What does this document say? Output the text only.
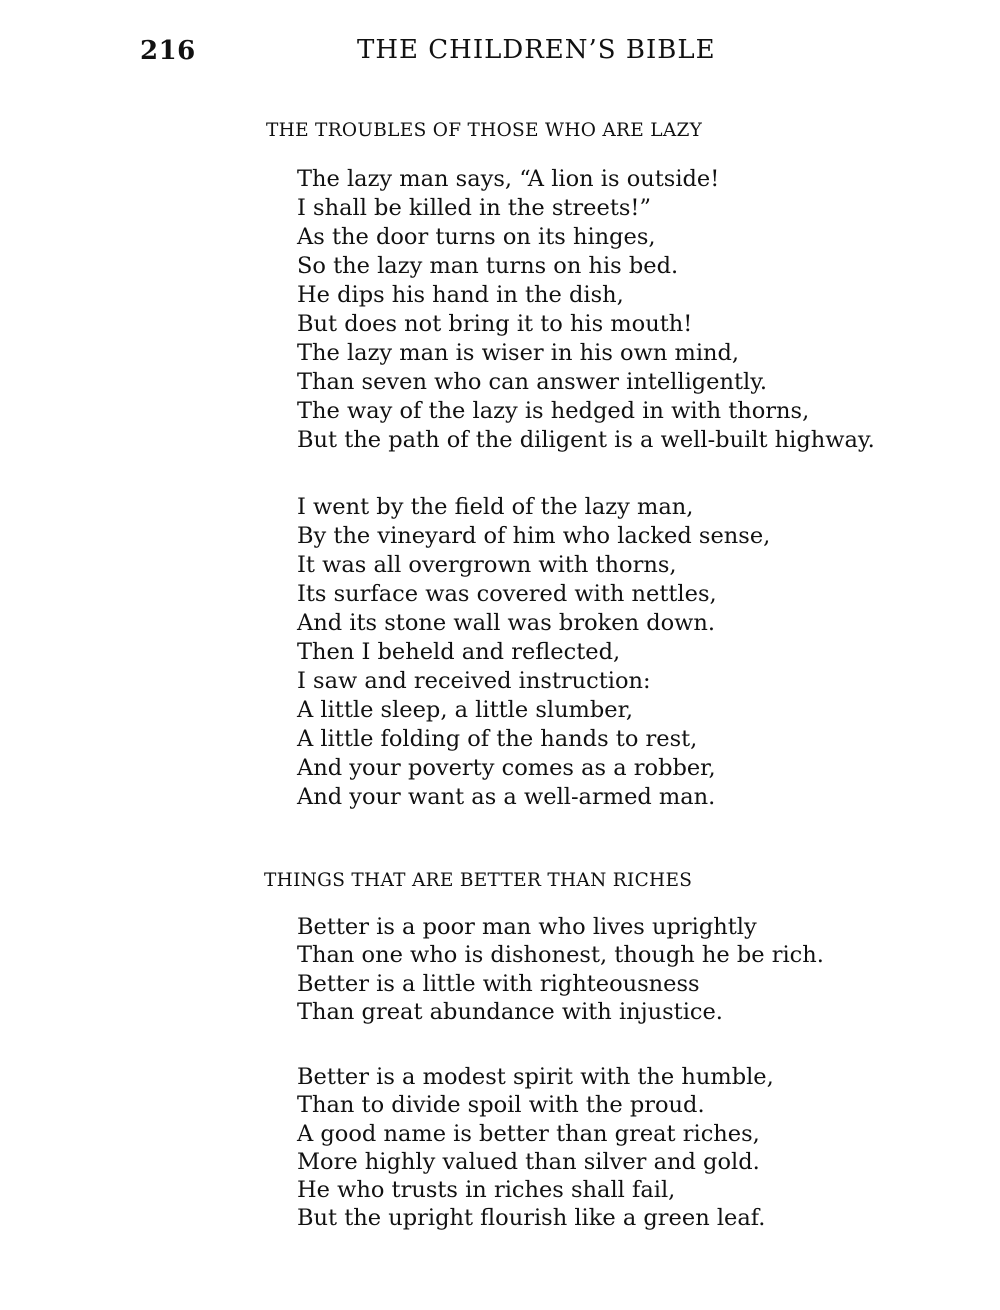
216	THE CHILDREN’S BIBLE
THE TROUBLES OF THOSE WHO ARE LAZY
The lazy man says, “A lion is outside!
I shall be killed in the streets!”
As the door turns on its hinges,
So the lazy man turns on his bed.
He dips his hand in the dish,
But does not bring it to his mouth!
The lazy man is wiser in his own mind,
Than seven who can answer intelligently.
The way of the lazy is hedged in with thorns,
But the path of the diligent is a well-built highway.
I went by the field of the lazy man,
By the vineyard of him who lacked sense,
It was all overgrown with thorns,
Its surface was covered with nettles,
And its stone wall was broken down.
Then I beheld and reflected,
I saw and received instruction:
A little sleep, a little slumber,
A little folding of the hands to rest,
And your poverty comes as a robber,
And your want as a well-armed man.
THINGS THAT ARE BETTER THAN RICHES
Better is a poor man who lives uprightly
Than one who is dishonest, though he be rich.
Better is a little with righteousness
Than great abundance with injustice.
Better is a modest spirit with the humble,
Than to divide spoil with the proud.
A good name is better than great riches,
More highly valued than silver and gold.
He who trusts in riches shall fail,
But the upright flourish like a green leaf.
